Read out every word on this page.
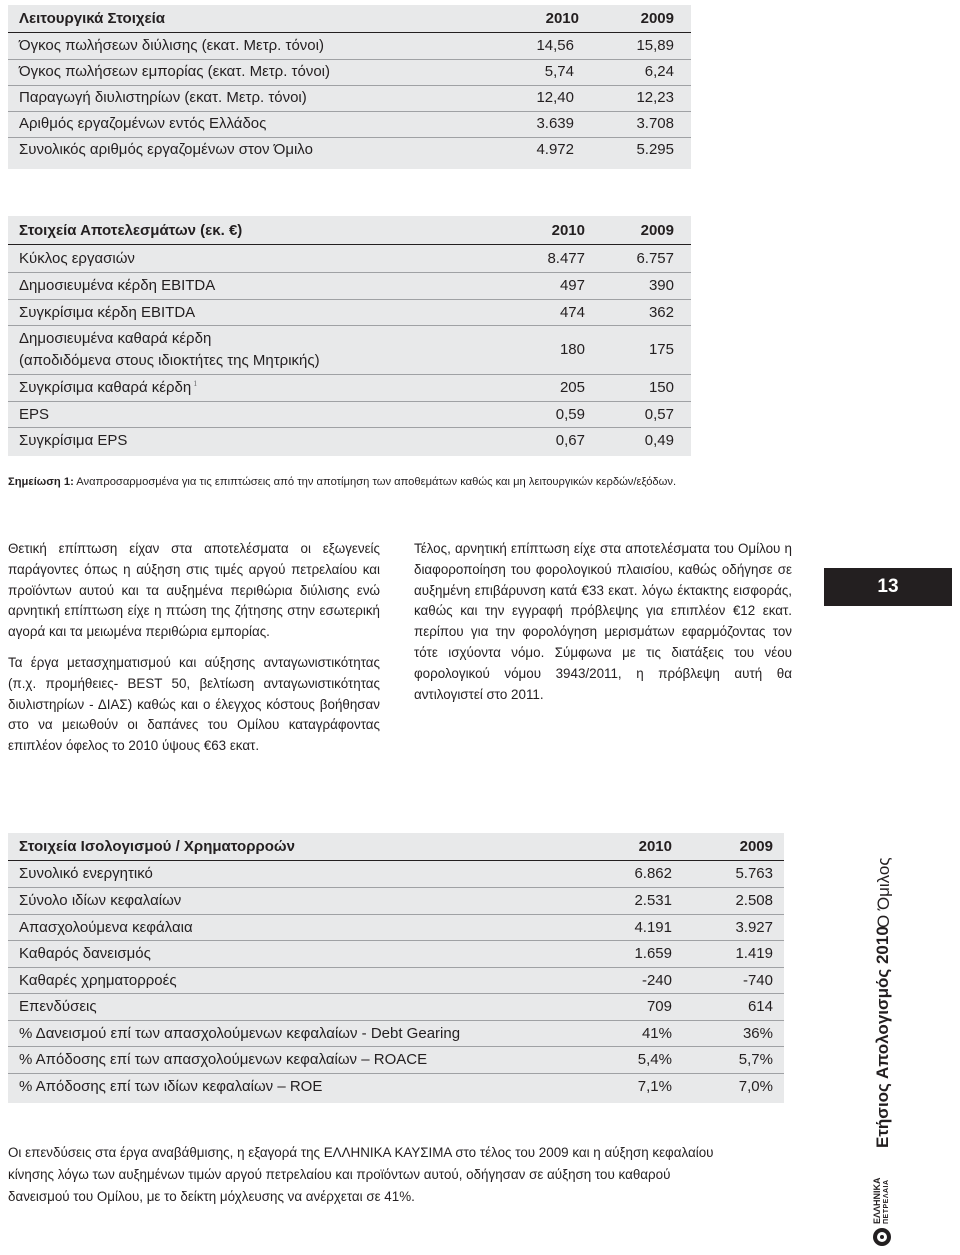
Λειτουργικά Στοιχεία	2010	2009
Όγκος πωλήσεων διύλισης (εκατ. Μετρ. τόνοι)	14,56	15,89
Όγκος πωλήσεων εμπορίας (εκατ. Μετρ. τόνοι)	5,74	6,24
Παραγωγή διυλιστηρίων (εκατ. Μετρ. τόνοι)	12,40	12,23
Αριθμός εργαζομένων εντός Ελλάδος	3.639	3.708
Συνολικός αριθμός εργαζομένων στον Όμιλο	4.972	5.295
Στοιχεία Αποτελεσμάτων (εκ. €)	2010	2009
Κύκλος εργασιών	8.477	6.757
Δημοσιευμένα κέρδη EBITDA	497	390
Συγκρίσιμα κέρδη EBITDA	474	362
Δημοσιευμένα καθαρά κέρδη
(αποδιδόμενα στους ιδιοκτήτες της Μητρικής)
180	175
Συγκρίσιμα καθαρά κέρδη $^1$	205	150
EPS	0,59	0,57
Συγκρίσιμα EPS	0,67	0,49
Σημείωση 1: Αναπροσαρμοσμένα για τις επιπτώσεις από την αποτίμηση των αποθεμάτων καθώς και μη λειτουργικών κερδών/εξόδων.

Θετική επίπτωση είχαν στα αποτελέσματα οι εξωγενείς παράγοντες όπως η αύξηση στις τιμές αργού πετρελαίου και προϊόντων αυτού και τα αυξημένα περιθώρια διύλισης ενώ αρνητική επίπτωση είχε η πτώση της ζήτησης στην εσωτερική αγορά και τα μειωμένα περιθώρια εμπορίας.

Τα έργα μετασχηματισμού και αύξησης ανταγωνιστικότητας (π.χ. προμήθειες- BEST 50, βελτίωση ανταγωνιστικότητας διυλιστηρίων - ΔΙΑΣ) καθώς και ο έλεγχος κόστους βοήθησαν στο να μειωθούν οι δαπάνες του Ομίλου καταγράφοντας επιπλέον όφελος το 2010 ύψους €63 εκατ.

Τέλος, αρνητική επίπτωση είχε στα αποτελέσματα του Ομίλου η διαφοροποίηση του φορολογικού πλαισίου, καθώς οδήγησε σε αυξημένη επιβάρυνση κατά €33 εκατ. λόγω έκτακτης εισφοράς, καθώς και την εγγραφή πρόβλεψης για επιπλέον €12 εκατ. περίπου για την φορολόγηση μερισμάτων εφαρμόζοντας τον τότε ισχύοντα νόμο. Σύμφωνα με τις διατάξεις του νέου φορολογικού νόμου 3943/2011, η πρόβλεψη αυτή θα αντιλογιστεί στο 2011.

13
Στοιχεία Ισολογισμού / Χρηματορροών	2010	2009
Συνολικό ενεργητικό	6.862	5.763
Σύνολο ιδίων κεφαλαίων	2.531	2.508
Απασχολούμενα κεφάλαια	4.191	3.927
Καθαρός δανεισμός	1.659	1.419
Καθαρές χρηματορροές	-240	-740
Επενδύσεις	709	614
% Δανεισμού επί των απασχολούμενων κεφαλαίων - Debt Gearing	41%	36%
% Απόδοσης επί των απασχολούμενων κεφαλαίων – ROACE	5,4%	5,7%
% Απόδοσης επί των ιδίων κεφαλαίων – ROE	7,1%	7,0%

Οι επενδύσεις στα έργα αναβάθμισης, η εξαγορά της ΕΛΛΗΝΙΚΑ ΚΑΥΣΙΜΑ στο τέλος του 2009 και η αύξηση κεφαλαίου κίνησης λόγω των αυξημένων τιμών αργού πετρελαίου και προϊόντων αυτού, οδήγησαν σε αύξηση του καθαρού δανεισμού του Ομίλου, με το δείκτη μόχλευσης να ανέρχεται σε 41%.

Ο Όμιλος
Ετήσιος Απολογισμός 2010
ΕΛΛΗΝΙΚΑ ΠΕΤΡΕΛΑΙΑ
